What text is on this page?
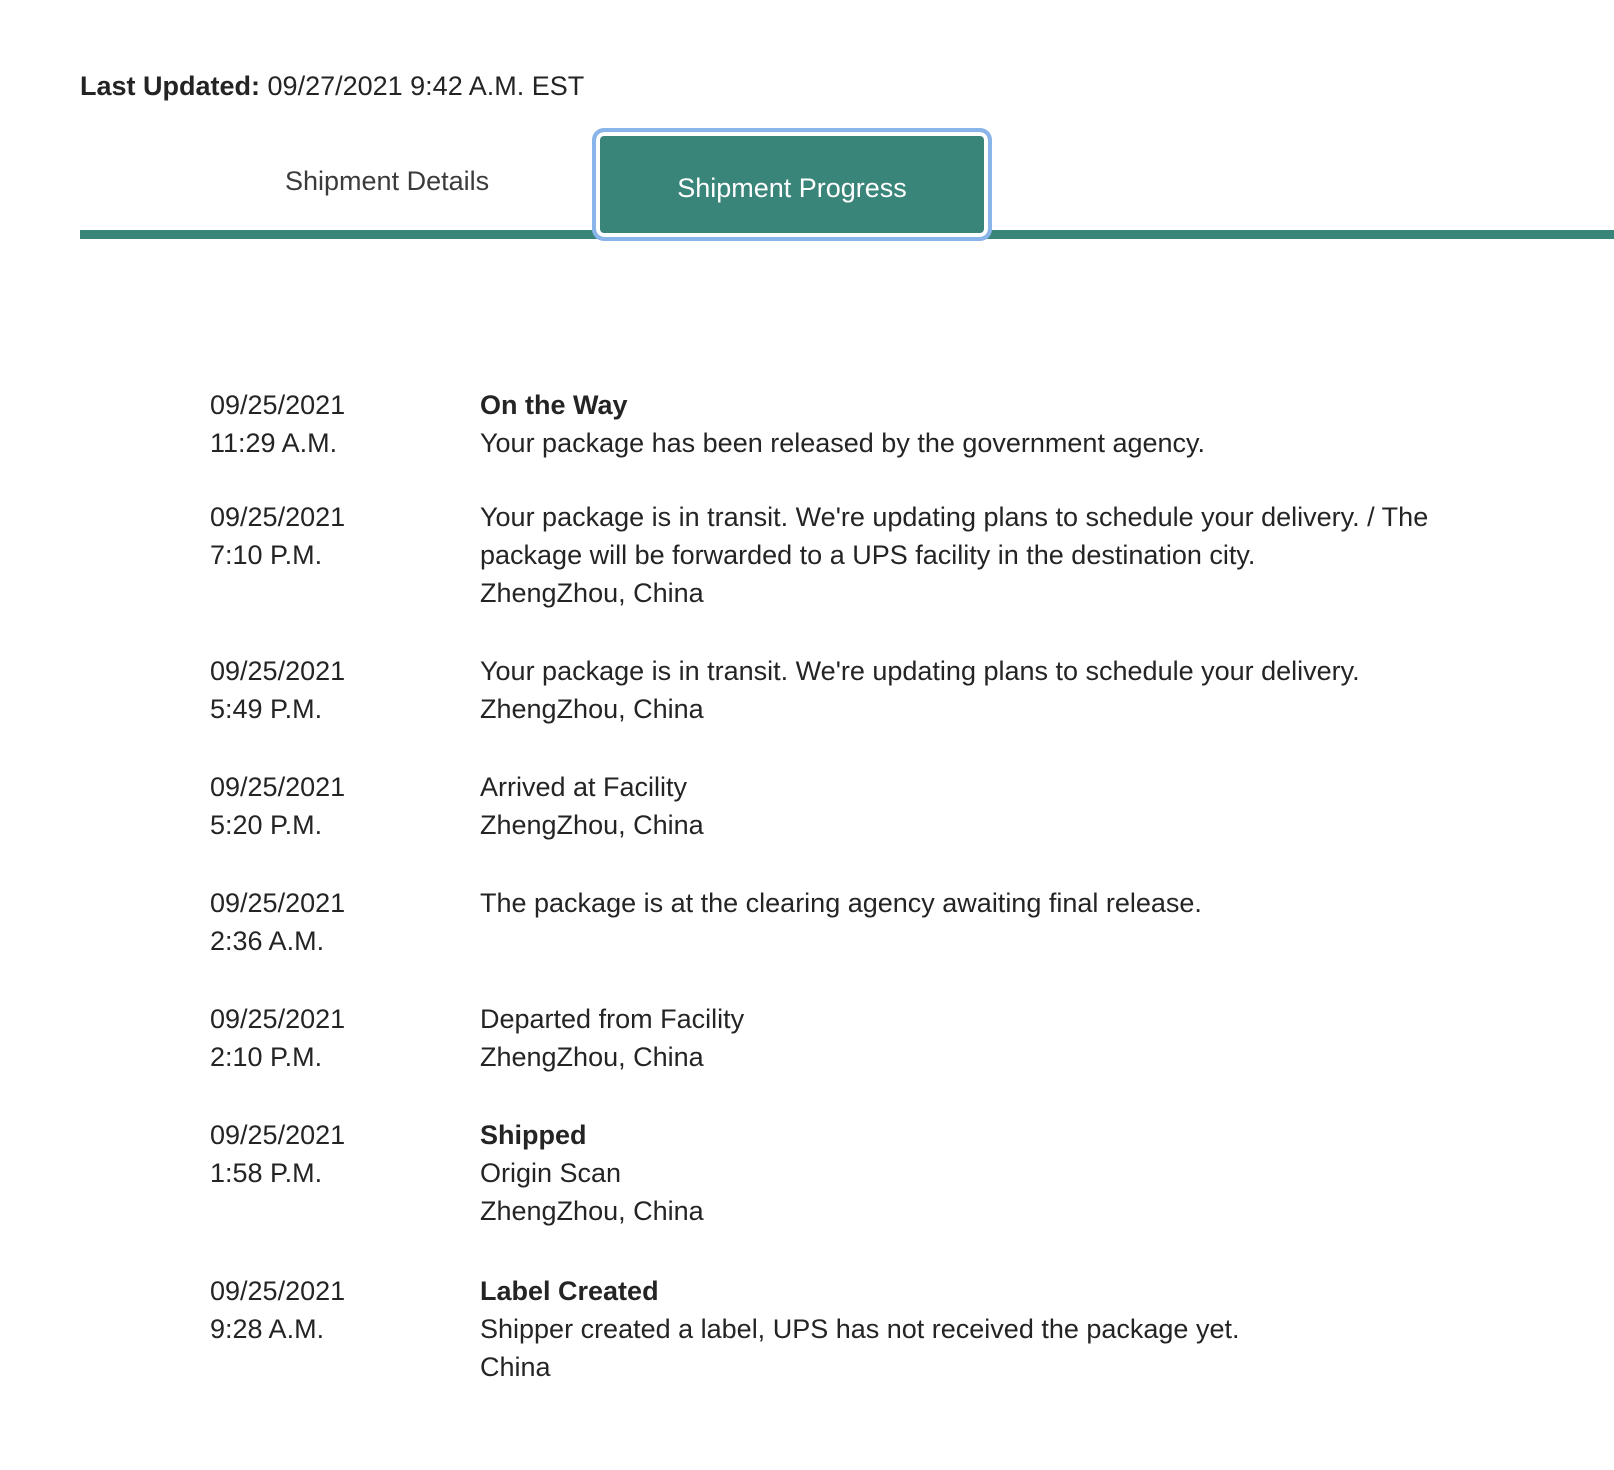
Last Updated: 09/27/2021 9:42 A.M. EST
Shipment Details	Shipment Progress
09/25/2021
11:29 A.M.
On the Way
Your package has been released by the government agency.
09/25/2021
7:10 P.M.
Your package is in transit. We're updating plans to schedule your delivery. / The package will be forwarded to a UPS facility in the destination city.
ZhengZhou, China
09/25/2021
5:49 P.M.
Your package is in transit. We're updating plans to schedule your delivery.
ZhengZhou, China
09/25/2021
5:20 P.M.
Arrived at Facility
ZhengZhou, China
09/25/2021
2:36 A.M.
The package is at the clearing agency awaiting final release.
09/25/2021
2:10 P.M.
Departed from Facility
ZhengZhou, China
09/25/2021
1:58 P.M.
Shipped
Origin Scan
ZhengZhou, China
09/25/2021
9:28 A.M.
Label Created
Shipper created a label, UPS has not received the package yet.
China
